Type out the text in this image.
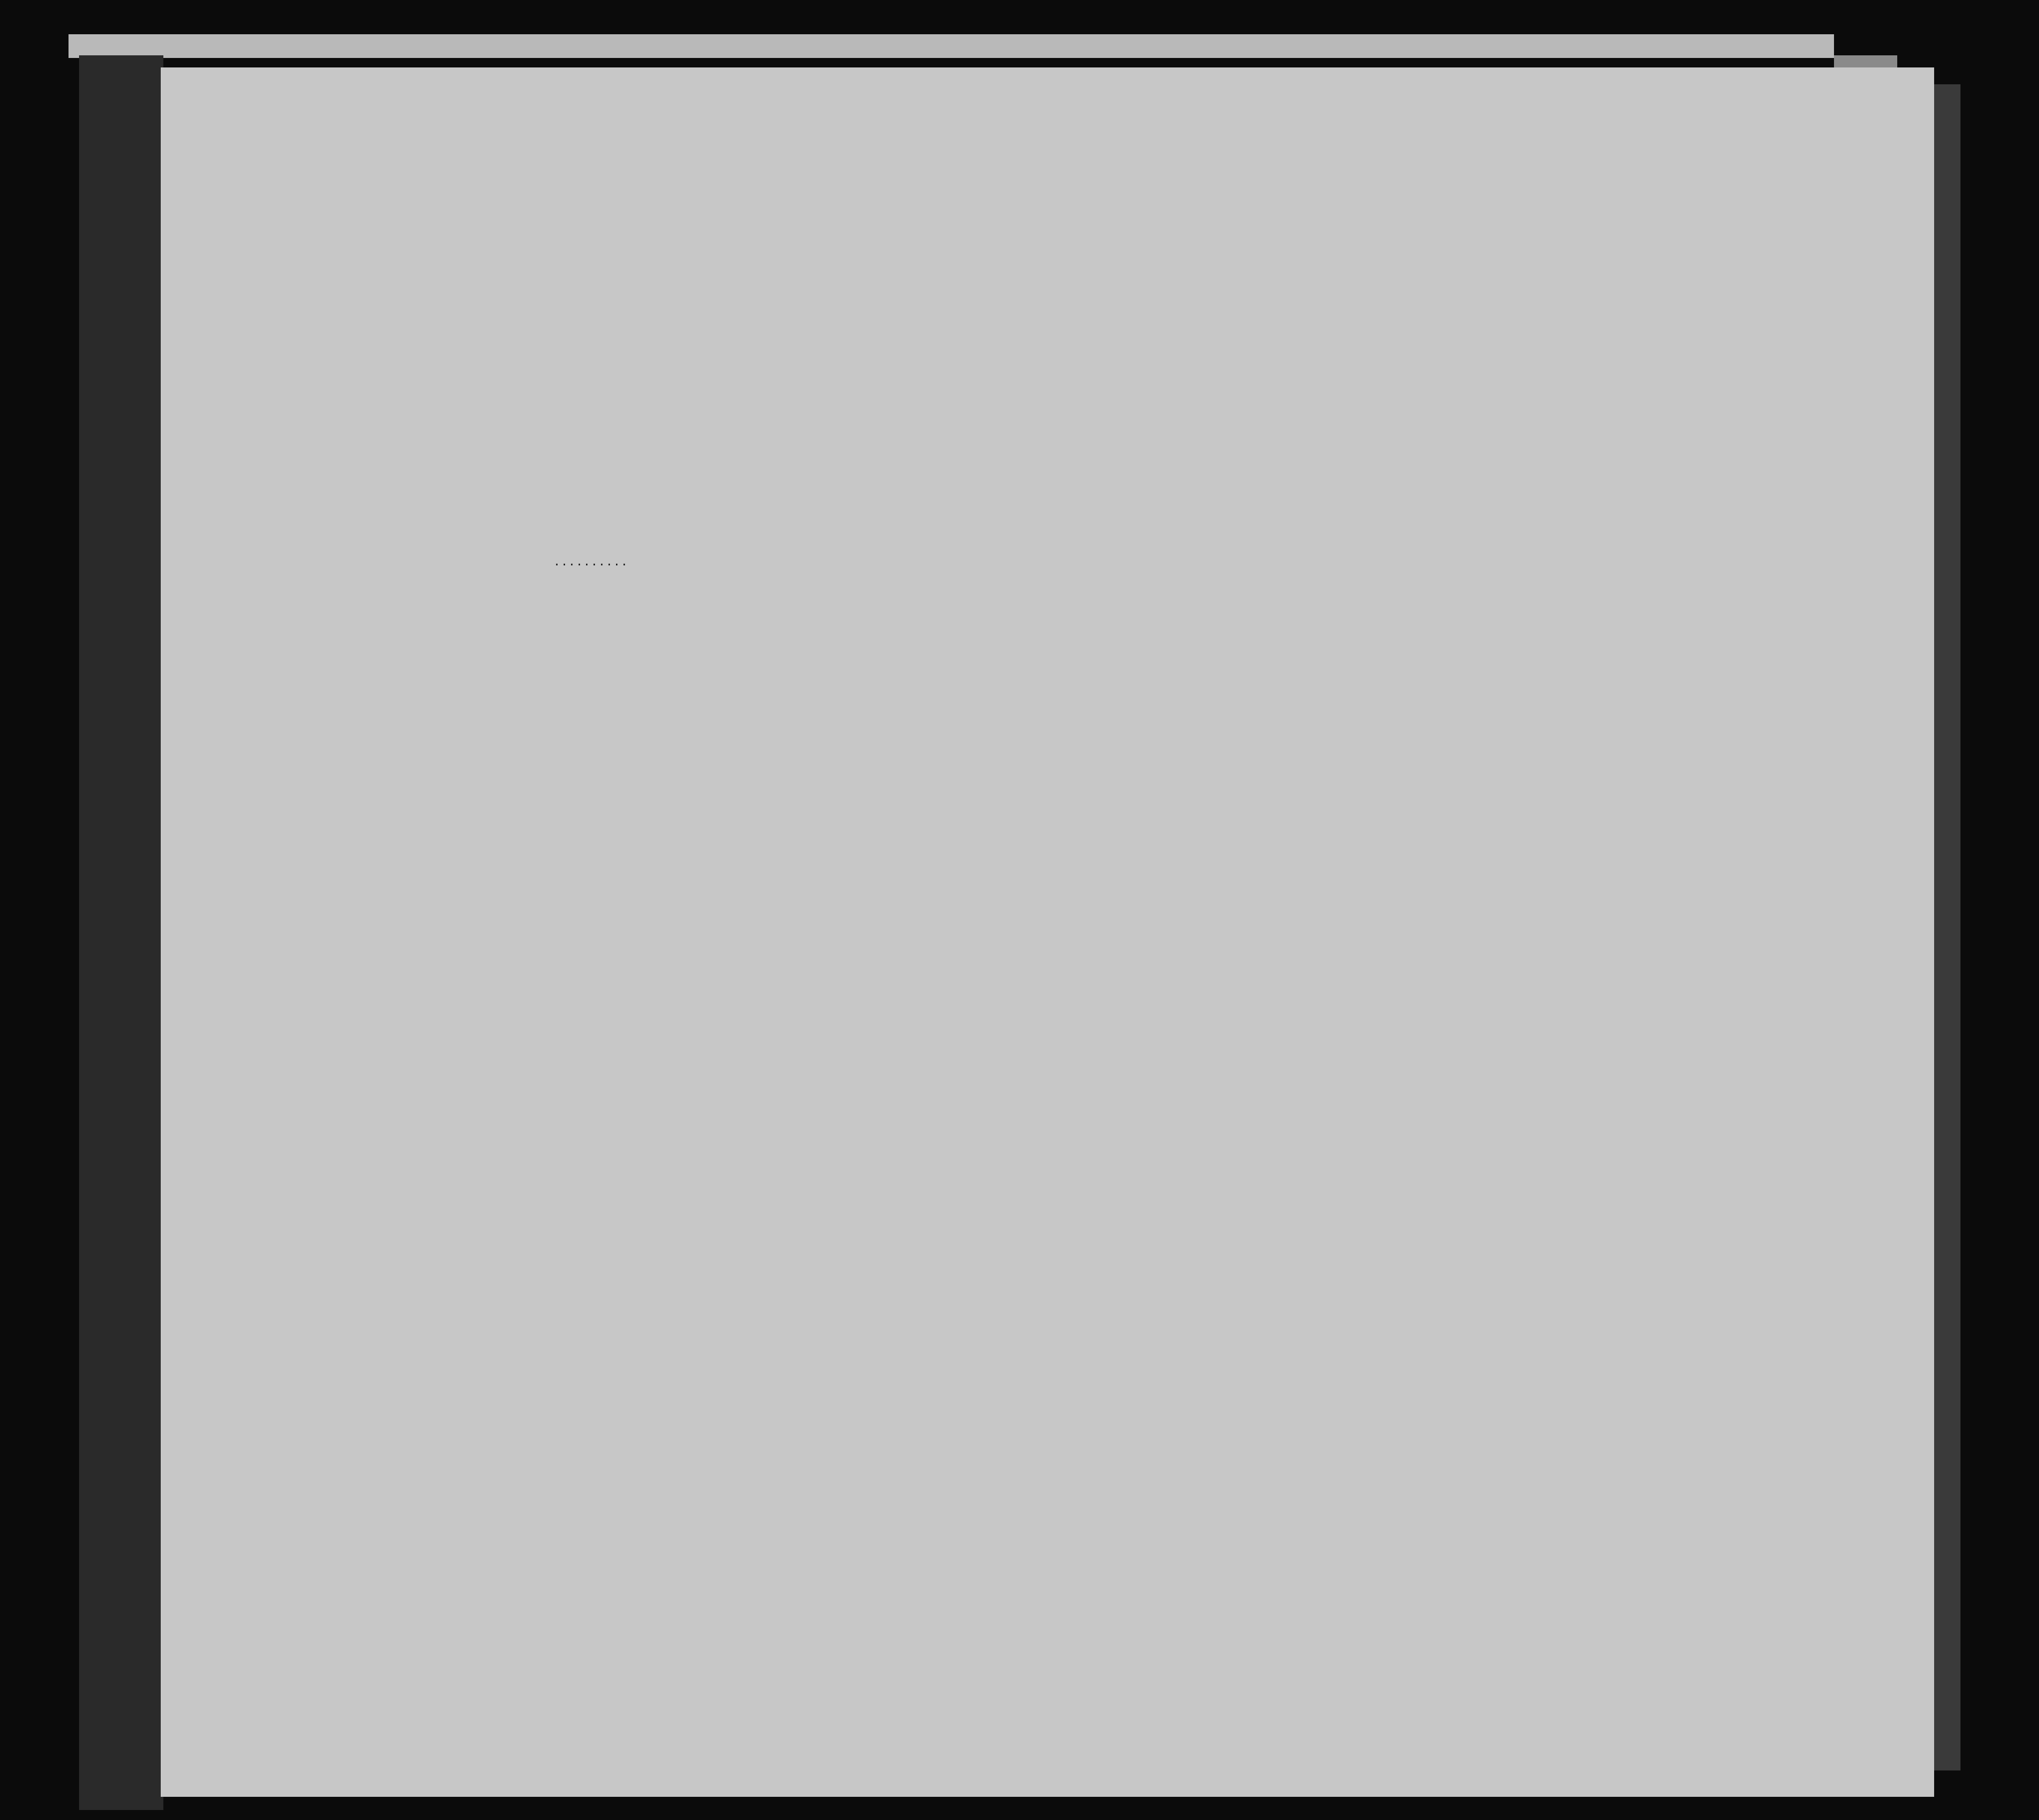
..........
